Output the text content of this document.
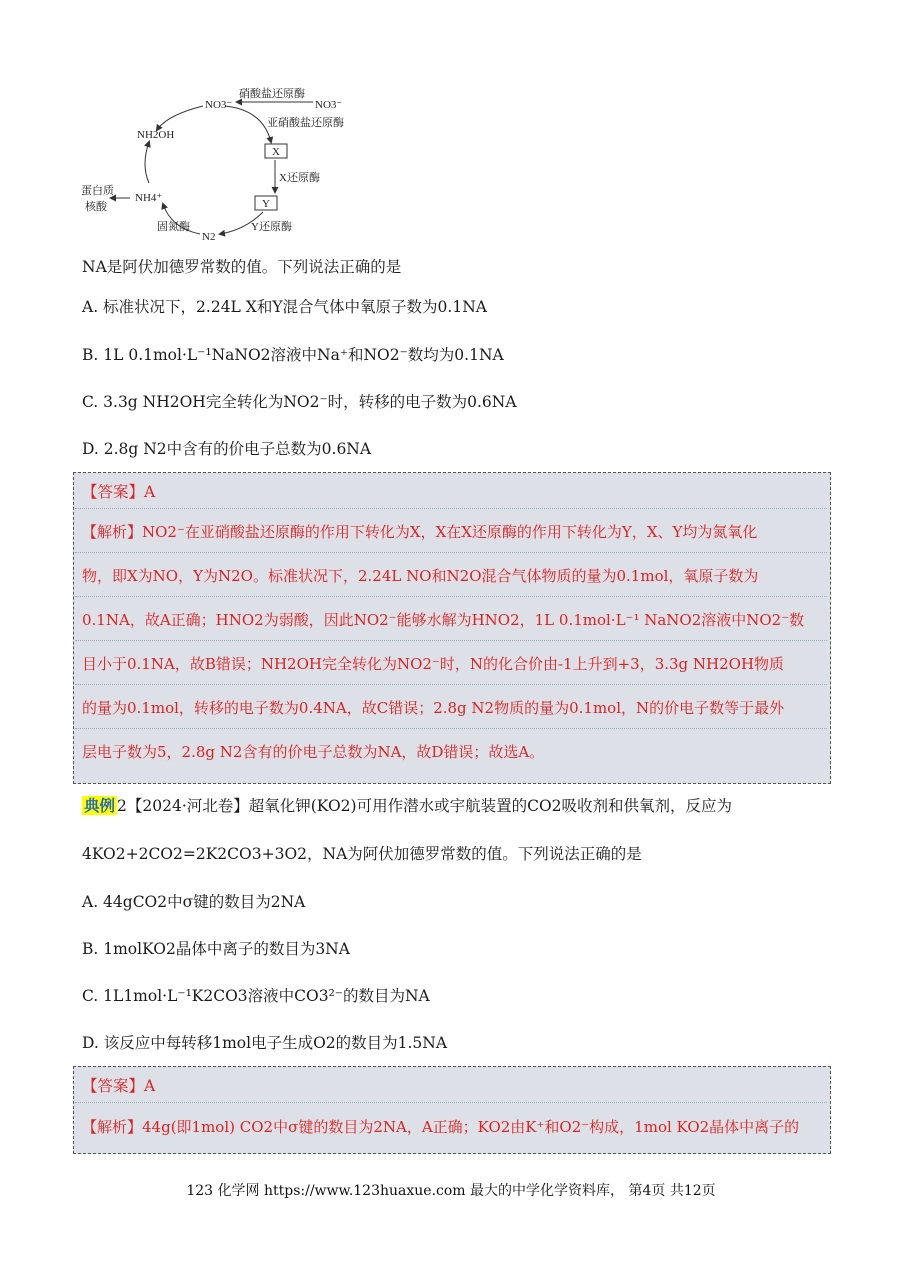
NO3⁻	NO3⁻
硝酸盐还原酶
亚硝酸盐还原酶
X
X还原酶
Y
Y还原酶
N2
固氮酶
NH4⁺
NH2OH
蛋白质
核酸
NA是阿伏加德罗常数的值。下列说法正确的是
A. 标准状况下，2.24L X和Y混合气体中氧原子数为0.1NA
B. 1L 0.1mol·L⁻¹NaNO2溶液中Na⁺和NO2⁻数均为0.1NA
C. 3.3g NH2OH完全转化为NO2⁻时，转移的电子数为0.6NA
D. 2.8g N2中含有的价电子总数为0.6NA
【答案】A
【解析】NO2⁻在亚硝酸盐还原酶的作用下转化为X，X在X还原酶的作用下转化为Y，X、Y均为氮氧化
物，即X为NO，Y为N2O。标准状况下，2.24L NO和N2O混合气体物质的量为0.1mol，氧原子数为
0.1NA，故A正确；HNO2为弱酸，因此NO2⁻能够水解为HNO2，1L 0.1mol·L⁻¹ NaNO2溶液中NO2⁻数
目小于0.1NA，故B错误；NH2OH完全转化为NO2⁻时，N的化合价由-1上升到+3，3.3g NH2OH物质
的量为0.1mol，转移的电子数为0.4NA，故C错误；2.8g N2物质的量为0.1mol，N的价电子数等于最外
层电子数为5，2.8g N2含有的价电子总数为NA，故D错误；故选A。
典例 2【2024·河北卷】超氧化钾(KO2)可用作潜水或宇航装置的CO2吸收剂和供氧剂，反应为
4KO2+2CO2=2K2CO3+3O2，NA为阿伏加德罗常数的值。下列说法正确的是
A. 44gCO2中σ键的数目为2NA
B. 1molKO2晶体中离子的数目为3NA
C. 1L1mol·L⁻¹K2CO3溶液中CO3²⁻的数目为NA
D. 该反应中每转移1mol电子生成O2的数目为1.5NA
【答案】A
【解析】44g(即1mol) CO2中σ键的数目为2NA，A正确；KO2由K⁺和O2⁻构成，1mol KO2晶体中离子的
123 化学网 https://www.123huaxue.com 最大的中学化学资料库， 第4页 共12页
